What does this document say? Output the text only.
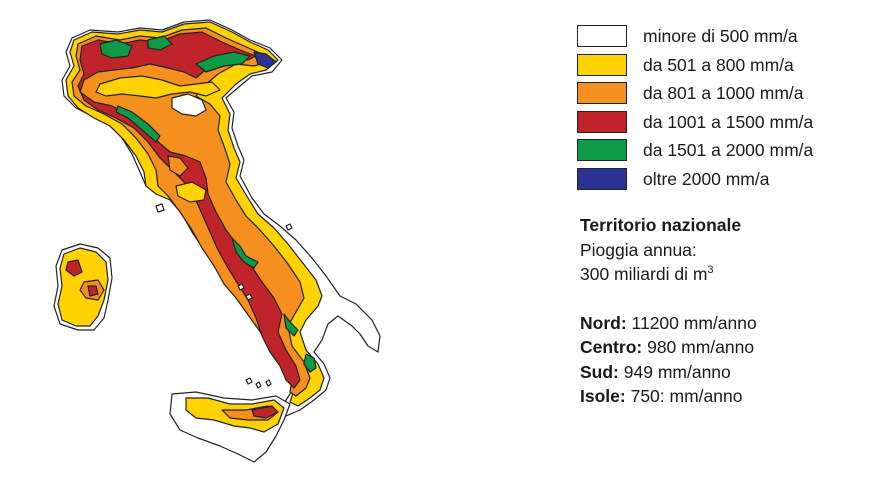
minore di 500 mm/a
da 501 a 800 mm/a
da 801 a 1000 mm/a
da 1001 a 1500 mm/a
da 1501 a 2000 mm/a
oltre 2000 mm/a
Territorio nazionale
Pioggia annua:
300 miliardi di $m^3$
Nord: 11200 mm/anno
Centro: 980 mm/anno
Sud: 949 mm/anno
Isole: 750: mm/anno
